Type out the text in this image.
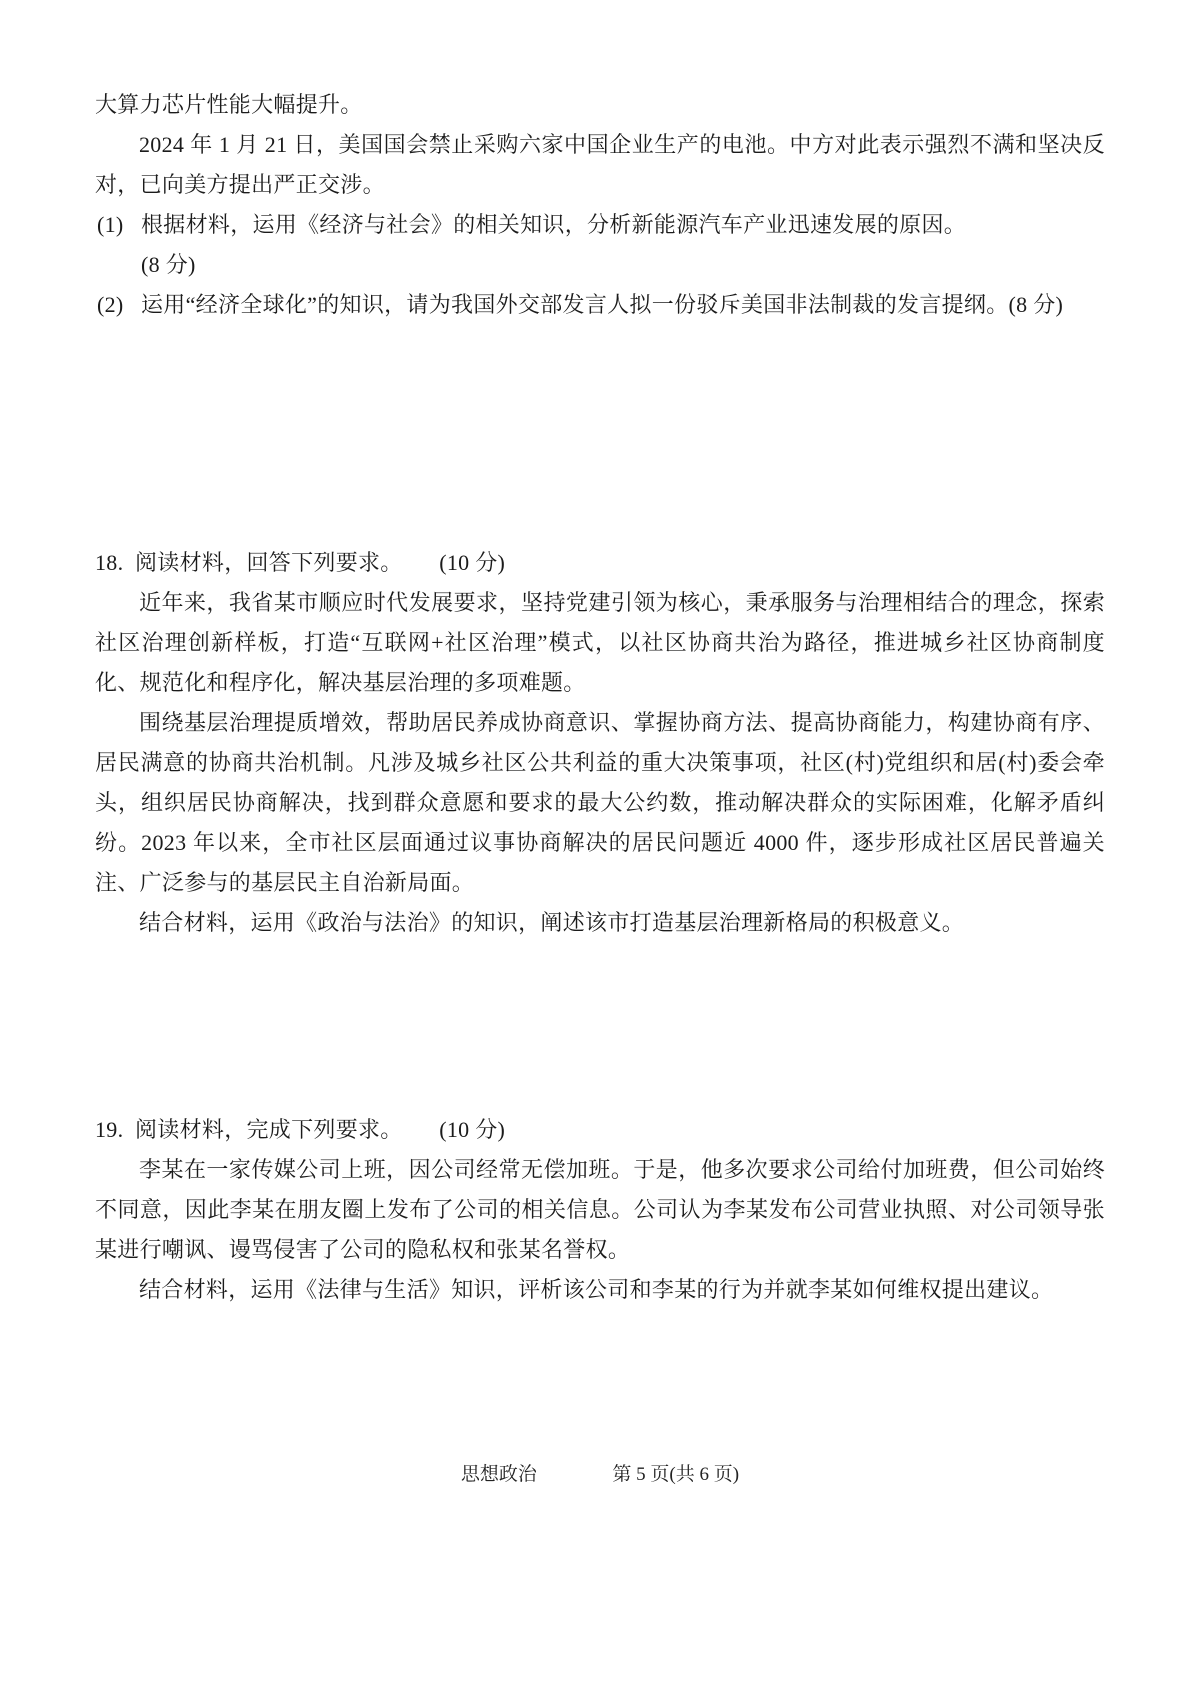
大算力芯片性能大幅提升。

2024 年 1 月 21 日，美国国会禁止采购六家中国企业生产的电池。中方对此表示强烈不满和坚决反对，已向美方提出严正交涉。

(1) 根据材料，运用《经济与社会》的相关知识，分析新能源汽车产业迅速发展的原因。
(8 分)
(2) 运用“经济全球化”的知识，请为我国外交部发言人拟一份驳斥美国非法制裁的发言提纲。(8 分)
18. 阅读材料，回答下列要求。 (10 分)

近年来，我省某市顺应时代发展要求，坚持党建引领为核心，秉承服务与治理相结合的理念，探索社区治理创新样板，打造“互联网+社区治理”模式，以社区协商共治为路径，推进城乡社区协商制度化、规范化和程序化，解决基层治理的多项难题。

围绕基层治理提质增效，帮助居民养成协商意识、掌握协商方法、提高协商能力，构建协商有序、居民满意的协商共治机制。凡涉及城乡社区公共利益的重大决策事项，社区(村)党组织和居(村)委会牵头，组织居民协商解决，找到群众意愿和要求的最大公约数，推动解决群众的实际困难，化解矛盾纠纷。2023 年以来，全市社区层面通过议事协商解决的居民问题近 4000 件，逐步形成社区居民普遍关注、广泛参与的基层民主自治新局面。

结合材料，运用《政治与法治》的知识，阐述该市打造基层治理新格局的积极意义。

19. 阅读材料，完成下列要求。 (10 分)

李某在一家传媒公司上班，因公司经常无偿加班。于是，他多次要求公司给付加班费，但公司始终不同意，因此李某在朋友圈上发布了公司的相关信息。公司认为李某发布公司营业执照、对公司领导张某进行嘲讽、谩骂侵害了公司的隐私权和张某名誉权。

结合材料，运用《法律与生活》知识，评析该公司和李某的行为并就李某如何维权提出建议。

思想政治	第 5 页(共 6 页)
